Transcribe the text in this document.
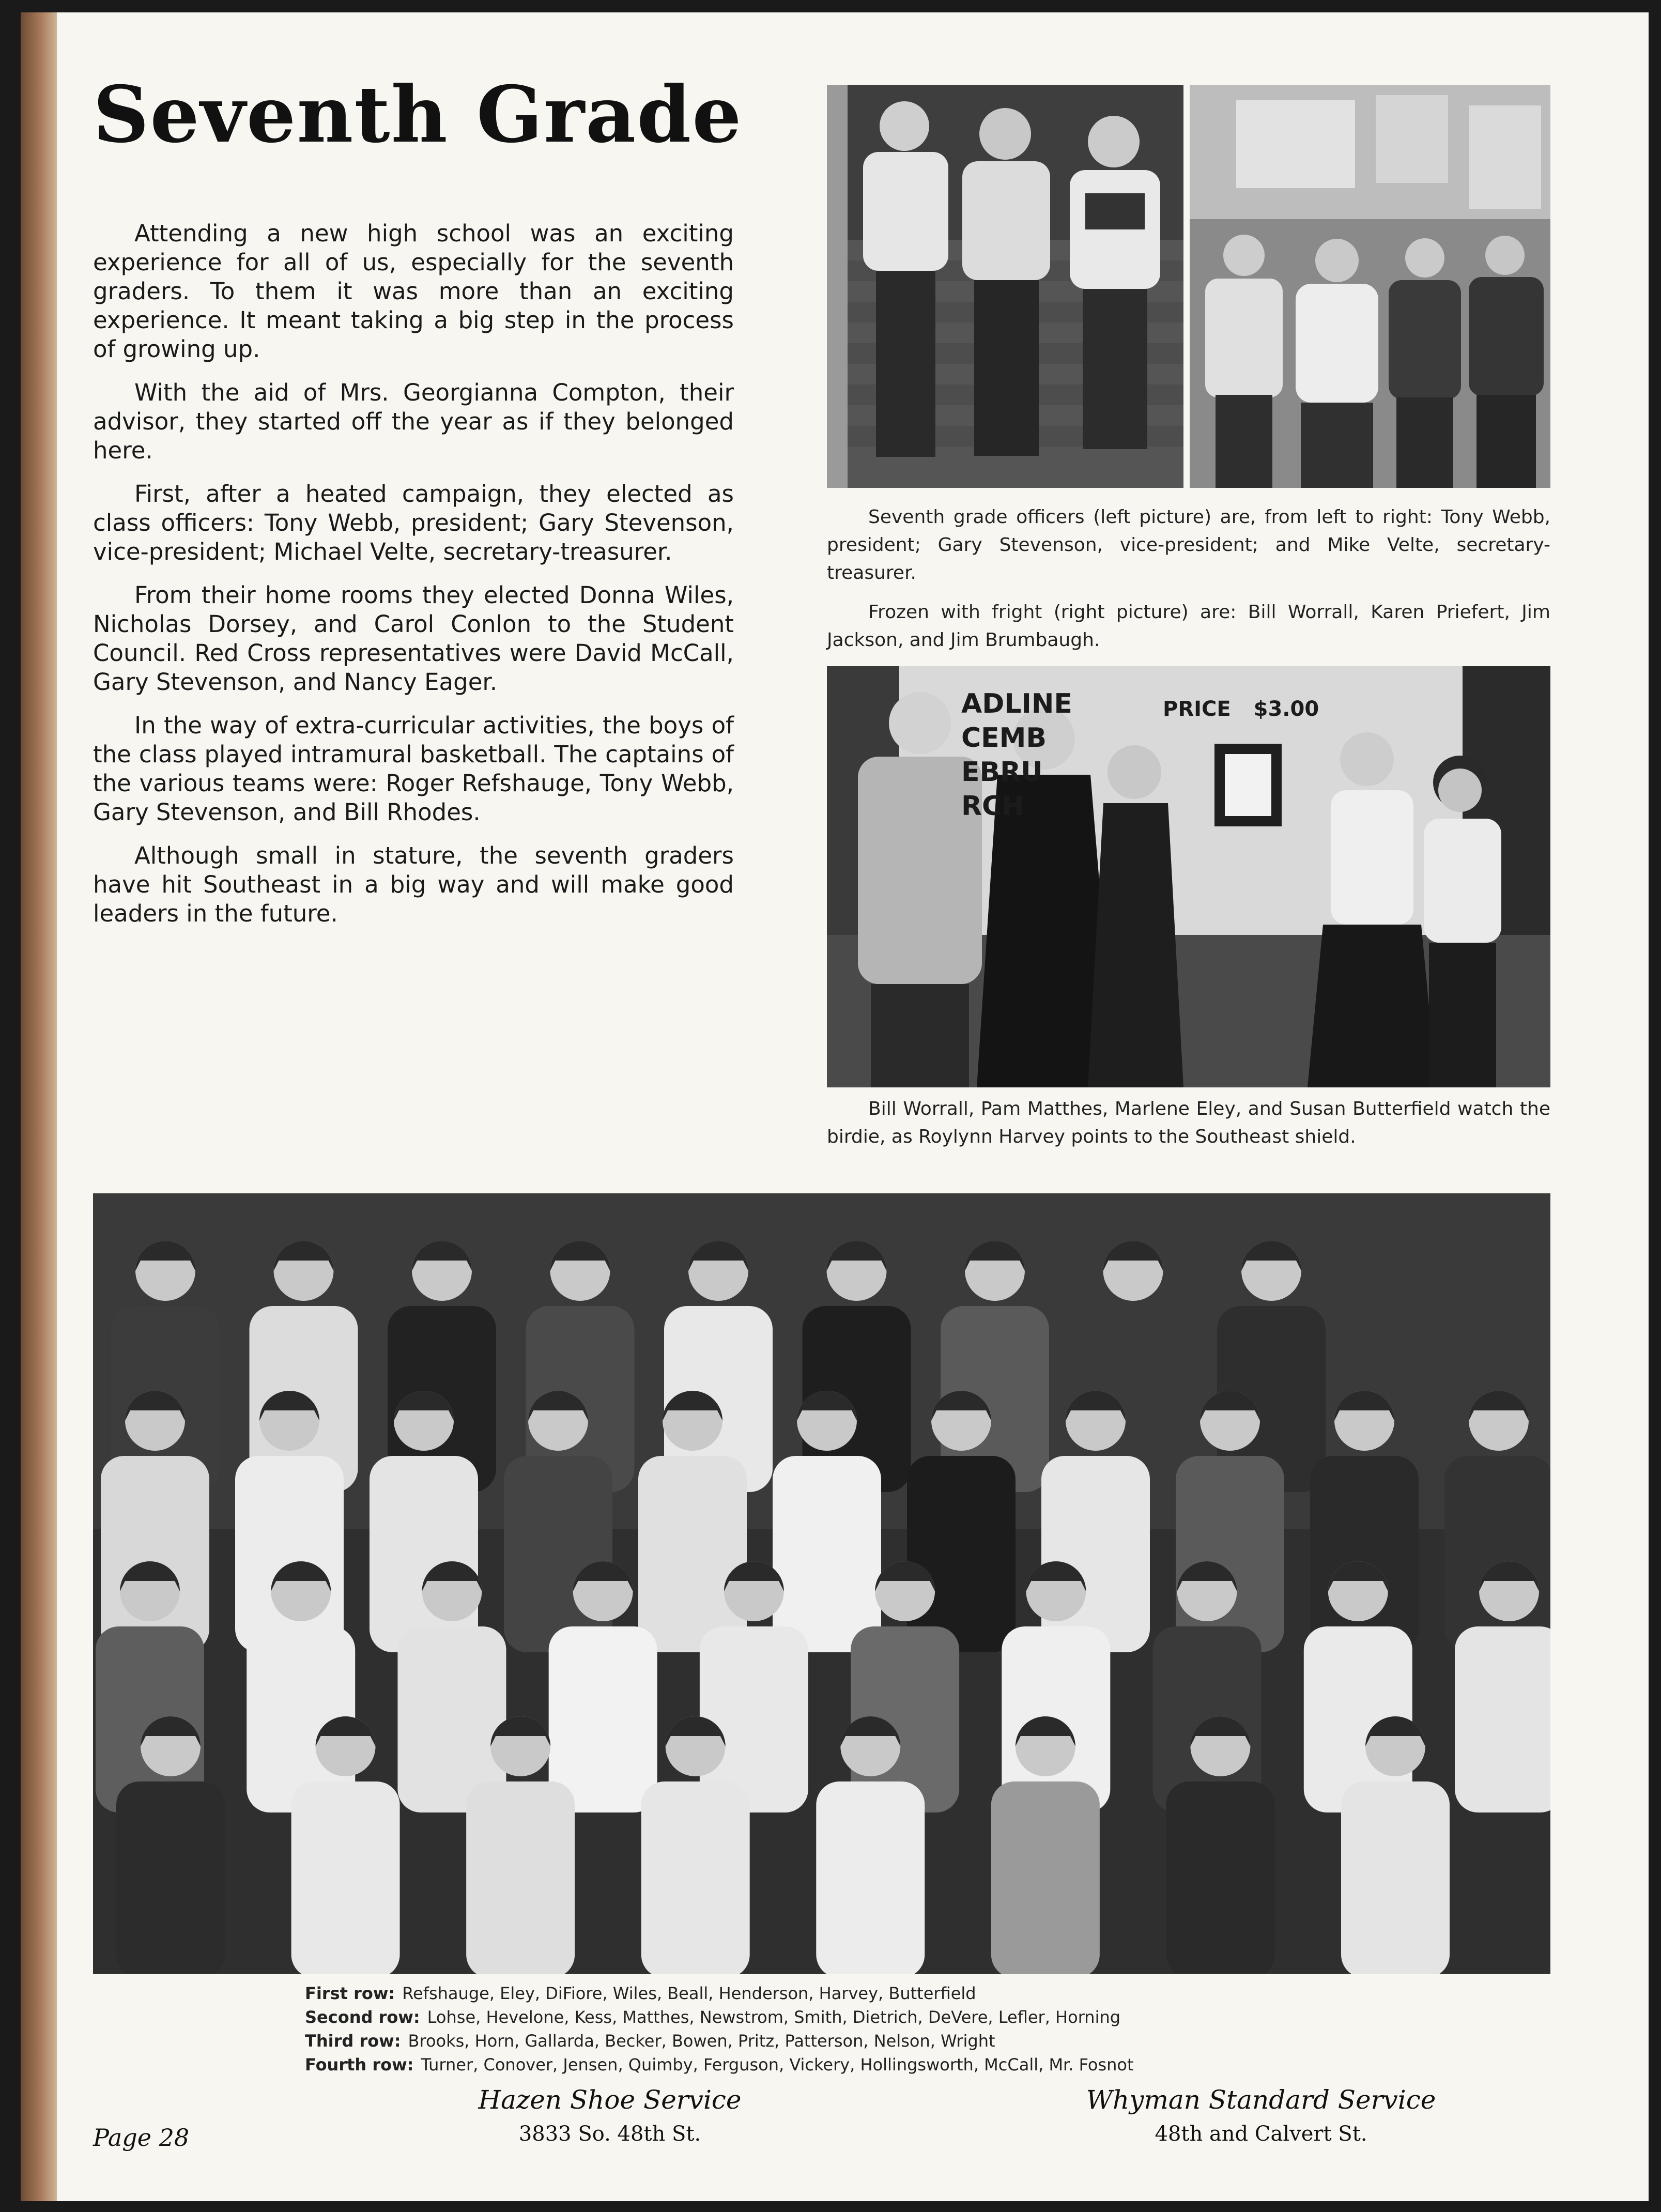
Seventh Grade

Attending a new high school was an exciting experience for all of us, especially for the seventh graders. To them it was more than an exciting experience. It meant taking a big step in the process of growing up.

With the aid of Mrs. Georgianna Compton, their advisor, they started off the year as if they belonged here.

First, after a heated campaign, they elected as class officers: Tony Webb, president; Gary Stevenson, vice-president; Michael Velte, secretary-treasurer.

From their home rooms they elected Donna Wiles, Nicholas Dorsey, and Carol Conlon to the Student Council. Red Cross representatives were David McCall, Gary Stevenson, and Nancy Eager.

In the way of extra-curricular activities, the boys of the class played intramural basketball. The captains of the various teams were: Roger Refshauge, Tony Webb, Gary Stevenson, and Bill Rhodes.

Although small in stature, the seventh graders have hit Southeast in a big way and will make good leaders in the future.

Seventh grade officers (left picture) are, from left to right: Tony Webb, president; Gary Stevenson, vice-president; and Mike Velte, secretary-treasurer.

Frozen with fright (right picture) are: Bill Worrall, Karen Priefert, Jim Jackson, and Jim Brumbaugh.

ADLINE
CEMB
EBRU
RCH
PRICE $3.00

Bill Worrall, Pam Matthes, Marlene Eley, and Susan Butterfield watch the birdie, as Roylynn Harvey points to the Southeast shield.

First row: Refshauge, Eley, DiFiore, Wiles, Beall, Henderson, Harvey, Butterfield
Second row: Lohse, Hevelone, Kess, Matthes, Newstrom, Smith, Dietrich, DeVere, Lefler, Horning
Third row: Brooks, Horn, Gallarda, Becker, Bowen, Pritz, Patterson, Nelson, Wright
Fourth row: Turner, Conover, Jensen, Quimby, Ferguson, Vickery, Hollingsworth, McCall, Mr. Fosnot
Page 28
Hazen Shoe Service
3833 So. 48th St.
Whyman Standard Service
48th and Calvert St.
